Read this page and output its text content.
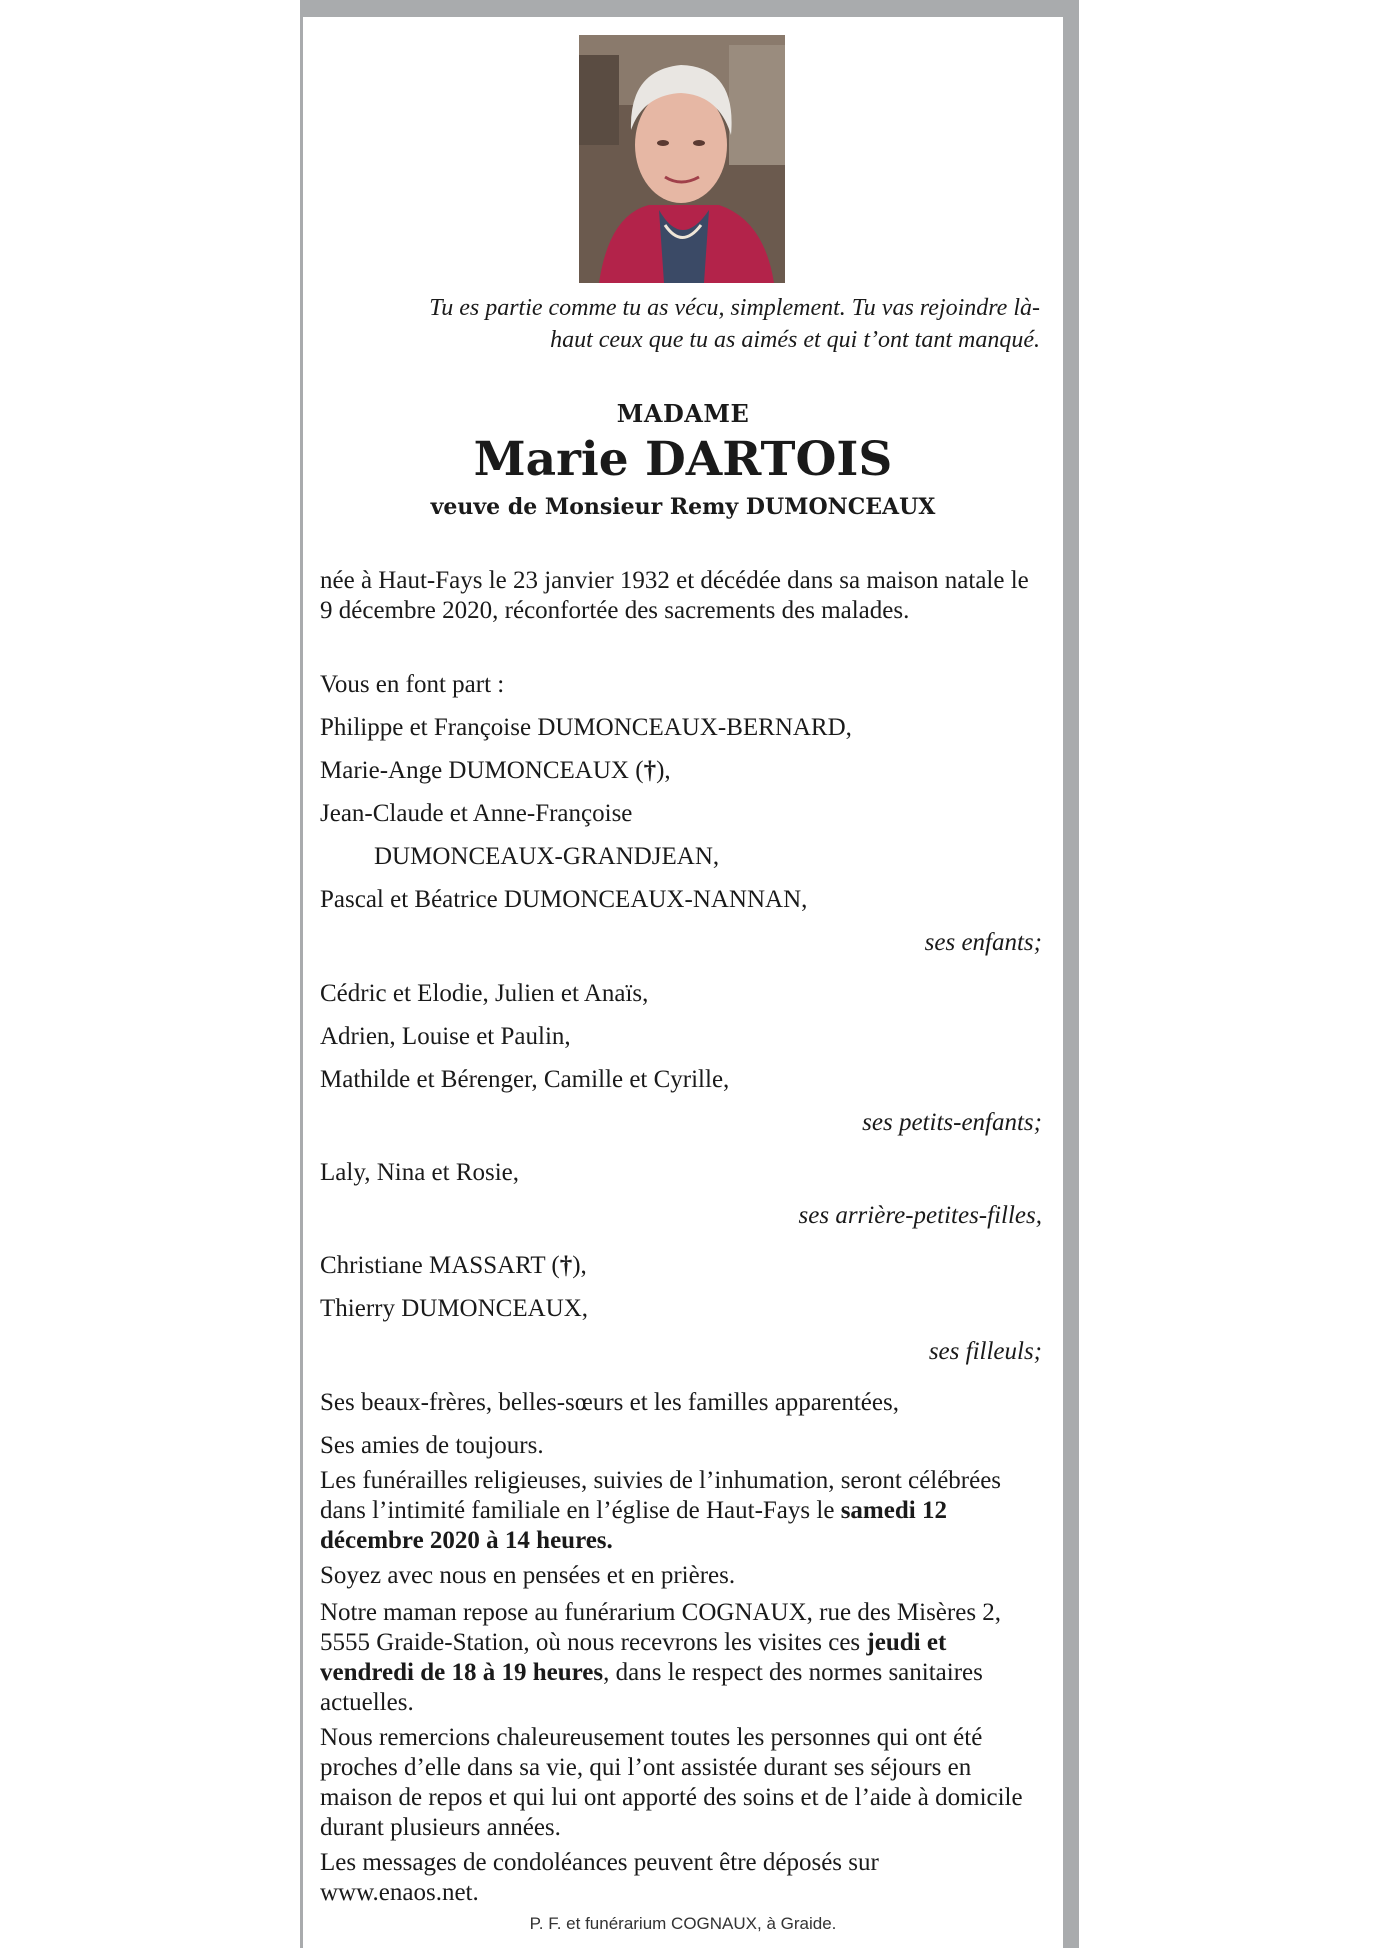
Tu es partie comme tu as vécu, simplement. Tu vas rejoindre là-haut ceux que tu as aimés et qui t’ont tant manqué.

MADAME

Marie DARTOIS

veuve de Monsieur Remy DUMONCEAUX

née à Haut-Fays le 23 janvier 1932 et décédée dans sa maison natale le 9 décembre 2020, réconfortée des sacrements des malades.

Vous en font part :

Philippe et Françoise DUMONCEAUX-BERNARD,

Marie-Ange DUMONCEAUX (†),

Jean-Claude et Anne-Françoise

DUMONCEAUX-GRANDJEAN,

Pascal et Béatrice DUMONCEAUX-NANNAN,

ses enfants;

Cédric et Elodie, Julien et Anaïs,

Adrien, Louise et Paulin,

Mathilde et Bérenger, Camille et Cyrille,

ses petits-enfants;

Laly, Nina et Rosie,

ses arrière-petites-filles,

Christiane MASSART (†),

Thierry DUMONCEAUX,

ses filleuls;

Ses beaux-frères, belles-sœurs et les familles apparentées,

Ses amies de toujours.

Les funérailles religieuses, suivies de l’inhumation, seront célébrées dans l’intimité familiale en l’église de Haut-Fays le samedi 12 décembre 2020 à 14 heures.

Soyez avec nous en pensées et en prières.

Notre maman repose au funérarium COGNAUX, rue des Misères 2, 5555 Graide-Station, où nous recevrons les visites ces jeudi et vendredi de 18 à 19 heures, dans le respect des normes sanitaires actuelles.

Nous remercions chaleureusement toutes les personnes qui ont été proches d’elle dans sa vie, qui l’ont assistée durant ses séjours en maison de repos et qui lui ont apporté des soins et de l’aide à domicile durant plusieurs années.

Les messages de condoléances peuvent être déposés sur www.enaos.net.

P. F. et funérarium COGNAUX, à Graide.
